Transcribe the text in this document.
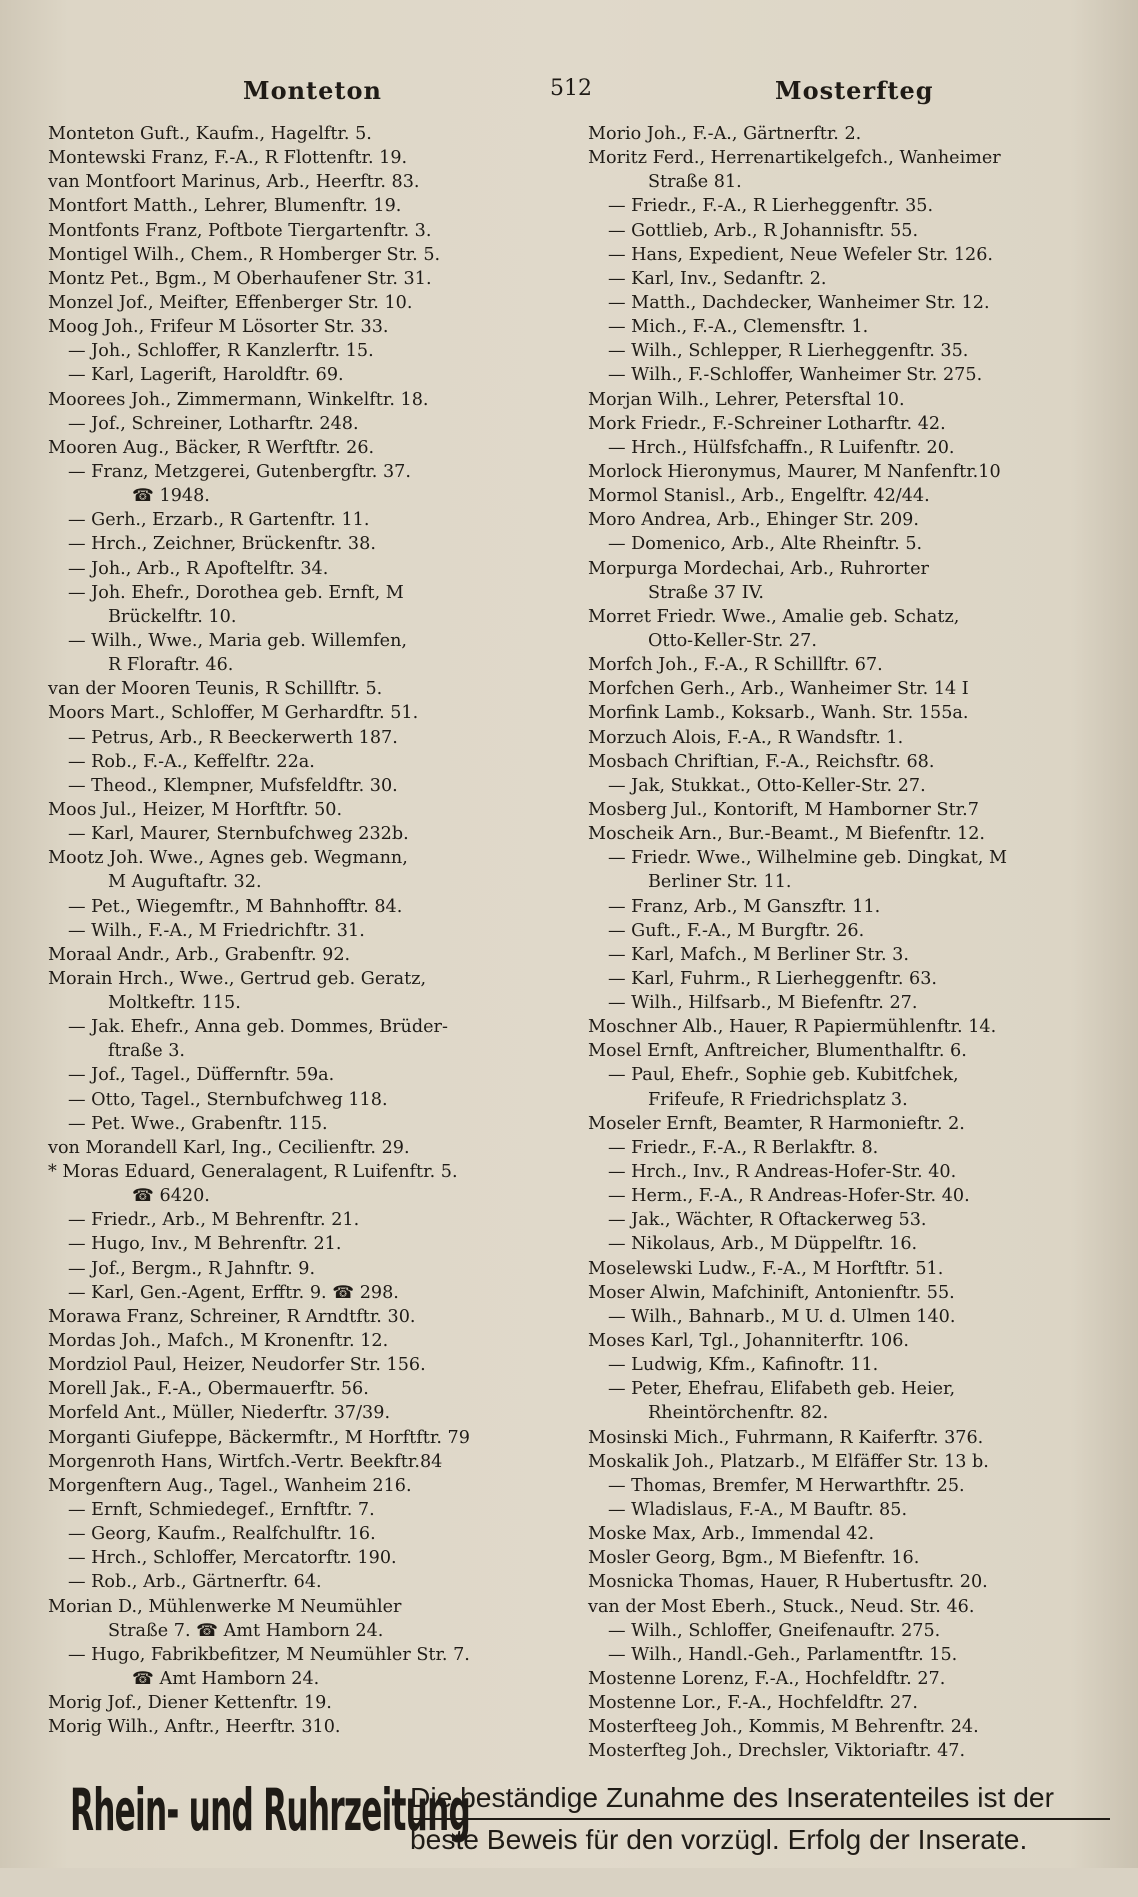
Monteton	512	Mosterfteg
Monteton Guft., Kaufm., Hagelftr. 5.
Montewski Franz, F.-A., R Flottenftr. 19.
van Montfoort Marinus, Arb., Heerftr. 83.
Montfort Matth., Lehrer, Blumenftr. 19.
Montfonts Franz, Poftbote Tiergartenftr. 3.
Montigel Wilh., Chem., R Homberger Str. 5.
Montz Pet., Bgm., M Oberhaufener Str. 31.
Monzel Jof., Meifter, Effenberger Str. 10.
Moog Joh., Frifeur M Lösorter Str. 33.
— Joh., Schloffer, R Kanzlerftr. 15.
— Karl, Lagerift, Haroldftr. 69.
Moorees Joh., Zimmermann, Winkelftr. 18.
— Jof., Schreiner, Lotharftr. 248.
Mooren Aug., Bäcker, R Werftftr. 26.
— Franz, Metzgerei, Gutenbergftr. 37.
☎ 1948.
— Gerh., Erzarb., R Gartenftr. 11.
— Hrch., Zeichner, Brückenftr. 38.
— Joh., Arb., R Apoftelftr. 34.
— Joh. Ehefr., Dorothea geb. Ernft, M
Brückelftr. 10.
— Wilh., Wwe., Maria geb. Willemfen,
R Floraftr. 46.
van der Mooren Teunis, R Schillftr. 5.
Moors Mart., Schloffer, M Gerhardftr. 51.
— Petrus, Arb., R Beeckerwerth 187.
— Rob., F.-A., Keffelftr. 22a.
— Theod., Klempner, Mufsfeldftr. 30.
Moos Jul., Heizer, M Horftftr. 50.
— Karl, Maurer, Sternbufchweg 232b.
Mootz Joh. Wwe., Agnes geb. Wegmann,
M Auguftaftr. 32.
— Pet., Wiegemftr., M Bahnhofftr. 84.
— Wilh., F.-A., M Friedrichftr. 31.
Moraal Andr., Arb., Grabenftr. 92.
Morain Hrch., Wwe., Gertrud geb. Geratz,
Moltkeftr. 115.
— Jak. Ehefr., Anna geb. Dommes, Brüder-
ftraße 3.
— Jof., Tagel., Düffernftr. 59a.
— Otto, Tagel., Sternbufchweg 118.
— Pet. Wwe., Grabenftr. 115.
von Morandell Karl, Ing., Cecilienftr. 29.
* Moras Eduard, Generalagent, R Luifenftr. 5.
☎ 6420.
— Friedr., Arb., M Behrenftr. 21.
— Hugo, Inv., M Behrenftr. 21.
— Jof., Bergm., R Jahnftr. 9.
— Karl, Gen.-Agent, Erfftr. 9. ☎ 298.
Morawa Franz, Schreiner, R Arndtftr. 30.
Mordas Joh., Mafch., M Kronenftr. 12.
Mordziol Paul, Heizer, Neudorfer Str. 156.
Morell Jak., F.-A., Obermauerftr. 56.
Morfeld Ant., Müller, Niederftr. 37/39.
Morganti Giufeppe, Bäckermftr., M Horftftr. 79
Morgenroth Hans, Wirtfch.-Vertr. Beekftr.84
Morgenftern Aug., Tagel., Wanheim 216.
— Ernft, Schmiedegef., Ernftftr. 7.
— Georg, Kaufm., Realfchulftr. 16.
— Hrch., Schloffer, Mercatorftr. 190.
— Rob., Arb., Gärtnerftr. 64.
Morian D., Mühlenwerke M Neumühler
Straße 7. ☎ Amt Hamborn 24.
— Hugo, Fabrikbefitzer, M Neumühler Str. 7.
☎ Amt Hamborn 24.
Morig Jof., Diener Kettenftr. 19.
Morig Wilh., Anftr., Heerftr. 310.
Morio Joh., F.-A., Gärtnerftr. 2.
Moritz Ferd., Herrenartikelgefch., Wanheimer
Straße 81.
— Friedr., F.-A., R Lierheggenftr. 35.
— Gottlieb, Arb., R Johannisftr. 55.
— Hans, Expedient, Neue Wefeler Str. 126.
— Karl, Inv., Sedanftr. 2.
— Matth., Dachdecker, Wanheimer Str. 12.
— Mich., F.-A., Clemensftr. 1.
— Wilh., Schlepper, R Lierheggenftr. 35.
— Wilh., F.-Schloffer, Wanheimer Str. 275.
Morjan Wilh., Lehrer, Petersftal 10.
Mork Friedr., F.-Schreiner Lotharftr. 42.
— Hrch., Hülfsfchaffn., R Luifenftr. 20.
Morlock Hieronymus, Maurer, M Nanfenftr.10
Mormol Stanisl., Arb., Engelftr. 42/44.
Moro Andrea, Arb., Ehinger Str. 209.
— Domenico, Arb., Alte Rheinftr. 5.
Morpurga Mordechai, Arb., Ruhrorter
Straße 37 IV.
Morret Friedr. Wwe., Amalie geb. Schatz,
Otto-Keller-Str. 27.
Morfch Joh., F.-A., R Schillftr. 67.
Morfchen Gerh., Arb., Wanheimer Str. 14 I
Morfink Lamb., Koksarb., Wanh. Str. 155a.
Morzuch Alois, F.-A., R Wandsftr. 1.
Mosbach Chriftian, F.-A., Reichsftr. 68.
— Jak, Stukkat., Otto-Keller-Str. 27.
Mosberg Jul., Kontorift, M Hamborner Str.7
Moscheik Arn., Bur.-Beamt., M Biefenftr. 12.
— Friedr. Wwe., Wilhelmine geb. Dingkat, M
Berliner Str. 11.
— Franz, Arb., M Ganszftr. 11.
— Guft., F.-A., M Burgftr. 26.
— Karl, Mafch., M Berliner Str. 3.
— Karl, Fuhrm., R Lierheggenftr. 63.
— Wilh., Hilfsarb., M Biefenftr. 27.
Moschner Alb., Hauer, R Papiermühlenftr. 14.
Mosel Ernft, Anftreicher, Blumenthalftr. 6.
— Paul, Ehefr., Sophie geb. Kubitfchek,
Frifeufe, R Friedrichsplatz 3.
Moseler Ernft, Beamter, R Harmonieftr. 2.
— Friedr., F.-A., R Berlakftr. 8.
— Hrch., Inv., R Andreas-Hofer-Str. 40.
— Herm., F.-A., R Andreas-Hofer-Str. 40.
— Jak., Wächter, R Oftackerweg 53.
— Nikolaus, Arb., M Düppelftr. 16.
Moselewski Ludw., F.-A., M Horftftr. 51.
Moser Alwin, Mafchinift, Antonienftr. 55.
— Wilh., Bahnarb., M U. d. Ulmen 140.
Moses Karl, Tgl., Johanniterftr. 106.
— Ludwig, Kfm., Kafinoftr. 11.
— Peter, Ehefrau, Elifabeth geb. Heier,
Rheintörchenftr. 82.
Mosinski Mich., Fuhrmann, R Kaiferftr. 376.
Moskalik Joh., Platzarb., M Elfäffer Str. 13 b.
— Thomas, Bremfer, M Herwarthftr. 25.
— Wladislaus, F.-A., M Bauftr. 85.
Moske Max, Arb., Immendal 42.
Mosler Georg, Bgm., M Biefenftr. 16.
Mosnicka Thomas, Hauer, R Hubertusftr. 20.
van der Most Eberh., Stuck., Neud. Str. 46.
— Wilh., Schloffer, Gneifenauftr. 275.
— Wilh., Handl.-Geh., Parlamentftr. 15.
Mostenne Lorenz, F.-A., Hochfeldftr. 27.
Mostenne Lor., F.-A., Hochfeldftr. 27.
Mosterfteeg Joh., Kommis, M Behrenftr. 24.
Mosterfteg Joh., Drechsler, Viktoriaftr. 47.
Rhein- und Ruhrzeitung
Die beständige Zunahme des Inseratenteiles ist der
beste Beweis für den vorzügl. Erfolg der Inserate.
